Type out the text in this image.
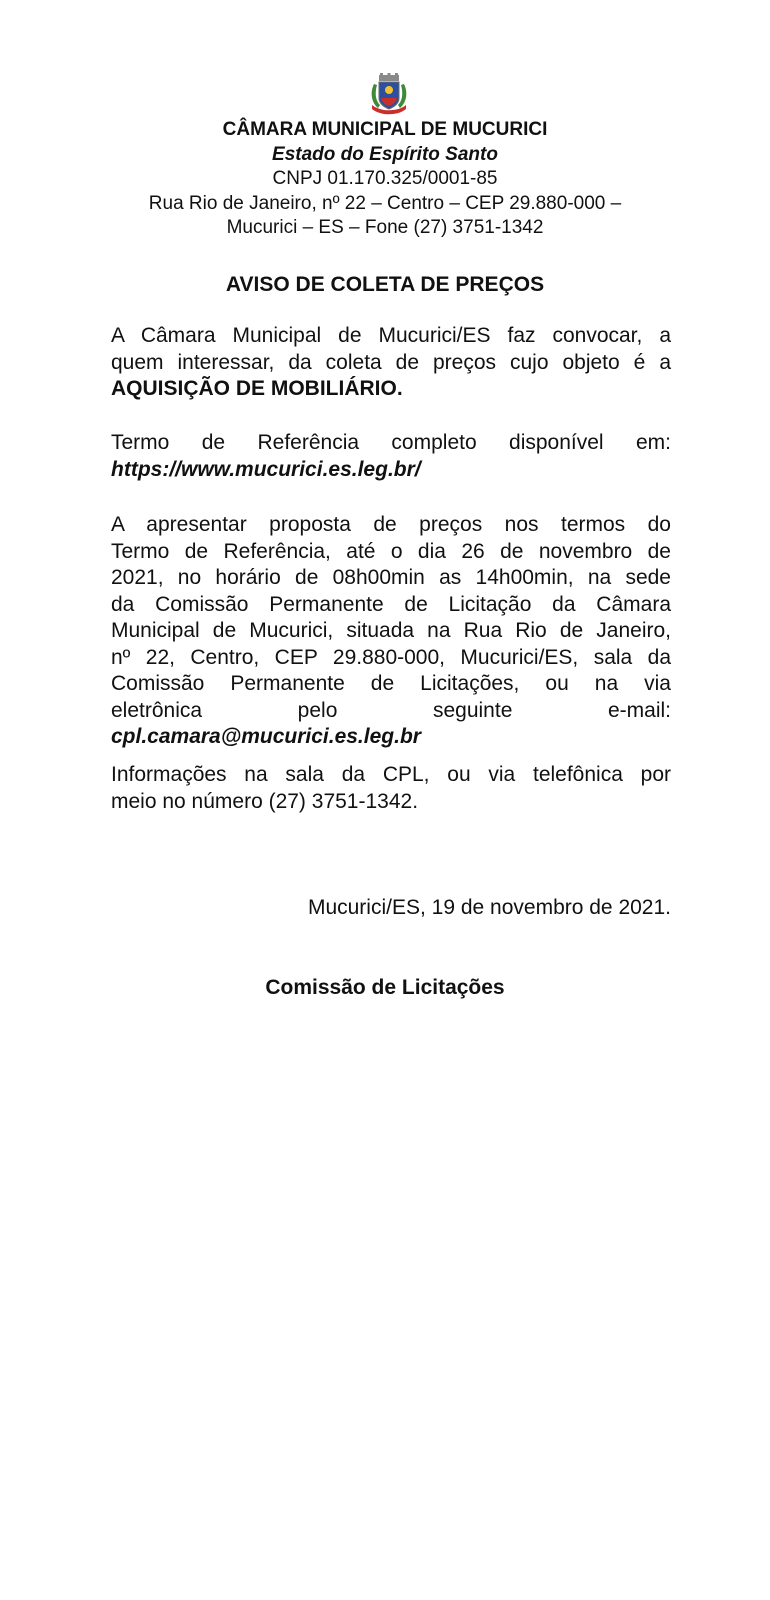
CÂMARA MUNICIPAL DE MUCURICI
Estado do Espírito Santo
CNPJ 01.170.325/0001-85
Rua Rio de Janeiro, nº 22 – Centro – CEP 29.880-000 –
Mucurici – ES – Fone (27) 3751-1342
AVISO DE COLETA DE PREÇOS
A Câmara Municipal de Mucurici/ES faz convocar, a
quem interessar, da coleta de preços cujo objeto é a
AQUISIÇÃO DE MOBILIÁRIO.
Termo de Referência completo disponível em:
https://www.mucurici.es.leg.br/
A apresentar proposta de preços nos termos do
Termo de Referência, até o dia 26 de novembro de
2021, no horário de 08h00min as 14h00min, na sede
da Comissão Permanente de Licitação da Câmara
Municipal de Mucurici, situada na Rua Rio de Janeiro,
nº 22, Centro, CEP 29.880-000, Mucurici/ES, sala da
Comissão Permanente de Licitações, ou na via
eletrônica pelo seguinte e-mail:
cpl.camara@mucurici.es.leg.br
Informações na sala da CPL, ou via telefônica por
meio no número (27) 3751-1342.
Mucurici/ES, 19 de novembro de 2021.
Comissão de Licitações
